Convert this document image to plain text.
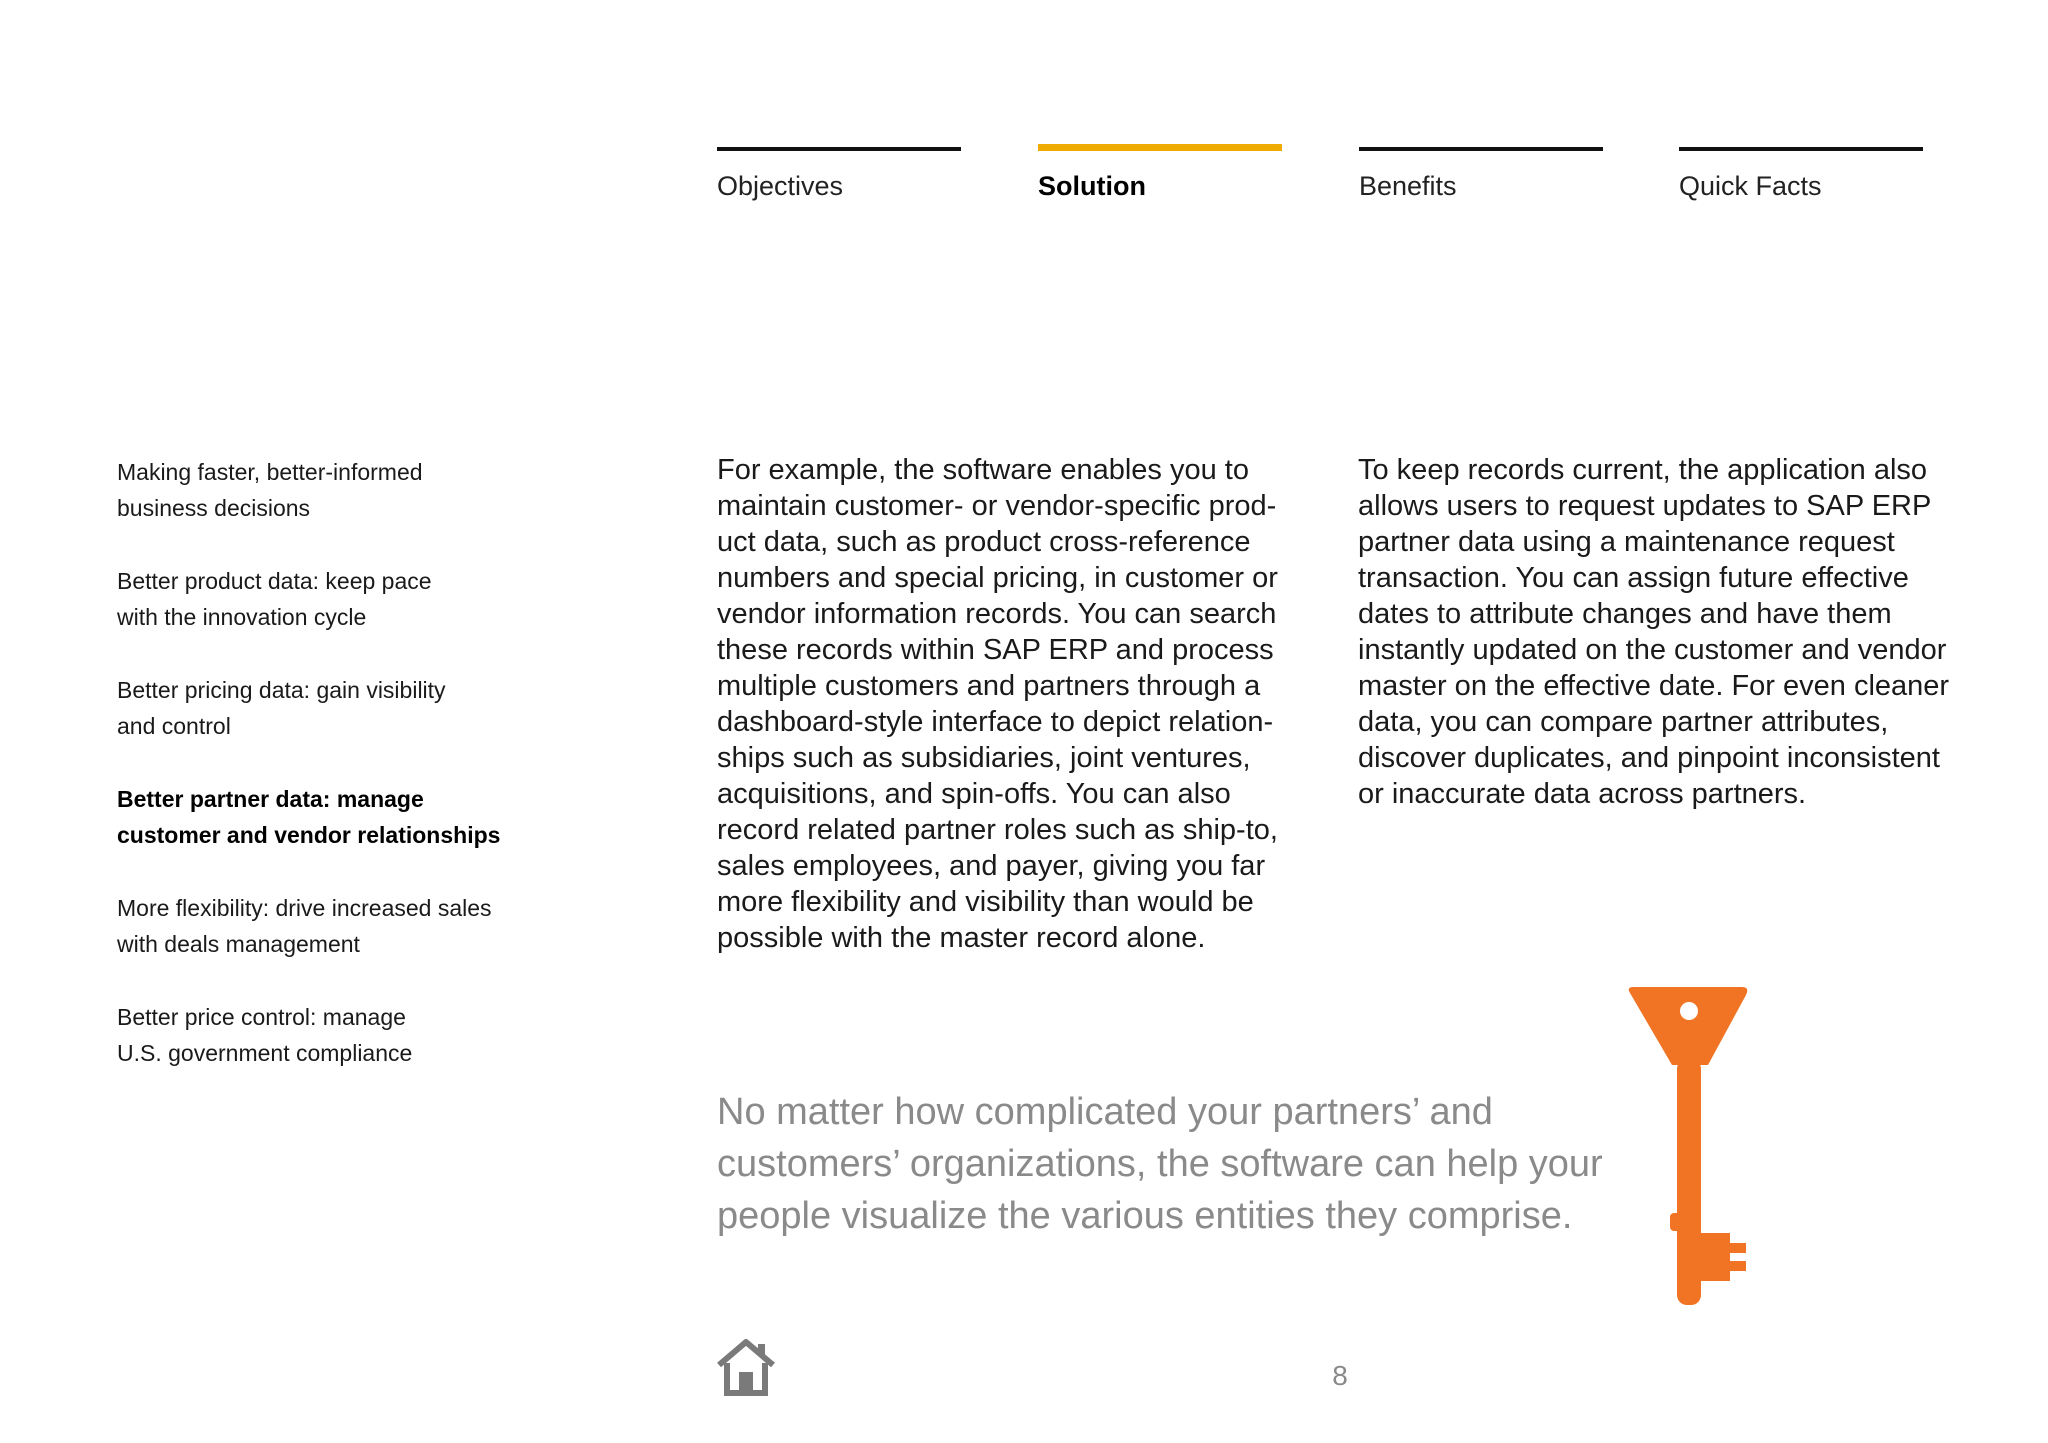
Objectives	Solution	Benefits	Quick Facts
Making faster, better-informed
business decisions
Better product data: keep pace
with the innovation cycle
Better pricing data: gain visibility
and control
Better partner data: manage
customer and vendor relationships
More flexibility: drive increased sales
with deals management
Better price control: manage
U.S. government compliance

For example, the software enables you to
maintain customer- or vendor-specific prod-
uct data, such as product cross-reference
numbers and special pricing, in customer or
vendor information records. You can search
these records within SAP ERP and process
multiple customers and partners through a
dashboard-style interface to depict relation-
ships such as subsidiaries, joint ventures,
acquisitions, and spin-offs. You can also
record related partner roles such as ship-to,
sales employees, and payer, giving you far
more flexibility and visibility than would be
possible with the master record alone.

To keep records current, the application also
allows users to request updates to SAP ERP
partner data using a maintenance request
transaction. You can assign future effective
dates to attribute changes and have them
instantly updated on the customer and vendor
master on the effective date. For even cleaner
data, you can compare partner attributes,
discover duplicates, and pinpoint inconsistent
or inaccurate data across partners.

No matter how complicated your partners’ and
customers’ organizations, the software can help your
people visualize the various entities they comprise.
8
